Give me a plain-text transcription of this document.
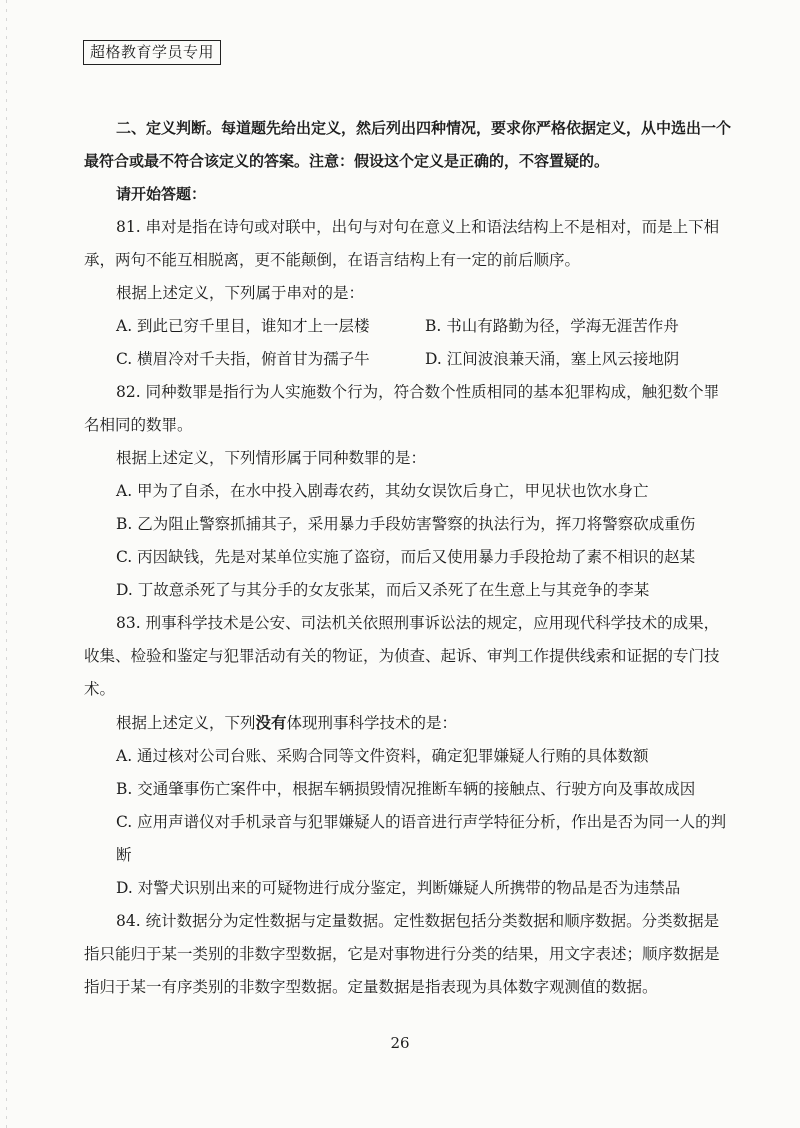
超格教育学员专用

二、定义判断。每道题先给出定义，然后列出四种情况，要求你严格依据定义，从中选出一个最符合或最不符合该定义的答案。注意：假设这个定义是正确的，不容置疑的。

请开始答题：

81. 串对是指在诗句或对联中，出句与对句在意义上和语法结构上不是相对，而是上下相承，两句不能互相脱离，更不能颠倒，在语言结构上有一定的前后顺序。

根据上述定义，下列属于串对的是：

A. 到此已穷千里目，谁知才上一层楼	B. 书山有路勤为径，学海无涯苦作舟
C. 横眉冷对千夫指，俯首甘为孺子牛	D. 江间波浪兼天涌，塞上风云接地阴

82. 同种数罪是指行为人实施数个行为，符合数个性质相同的基本犯罪构成，触犯数个罪名相同的数罪。

根据上述定义，下列情形属于同种数罪的是：

A. 甲为了自杀，在水中投入剧毒农药，其幼女误饮后身亡，甲见状也饮水身亡

B. 乙为阻止警察抓捕其子，采用暴力手段妨害警察的执法行为，挥刀将警察砍成重伤

C. 丙因缺钱，先是对某单位实施了盗窃，而后又使用暴力手段抢劫了素不相识的赵某

D. 丁故意杀死了与其分手的女友张某，而后又杀死了在生意上与其竞争的李某

83. 刑事科学技术是公安、司法机关依照刑事诉讼法的规定，应用现代科学技术的成果，收集、检验和鉴定与犯罪活动有关的物证，为侦查、起诉、审判工作提供线索和证据的专门技术。

根据上述定义，下列没有体现刑事科学技术的是：

A. 通过核对公司台账、采购合同等文件资料，确定犯罪嫌疑人行贿的具体数额

B. 交通肇事伤亡案件中，根据车辆损毁情况推断车辆的接触点、行驶方向及事故成因

C. 应用声谱仪对手机录音与犯罪嫌疑人的语音进行声学特征分析，作出是否为同一人的判断

D. 对警犬识别出来的可疑物进行成分鉴定，判断嫌疑人所携带的物品是否为违禁品

84. 统计数据分为定性数据与定量数据。定性数据包括分类数据和顺序数据。分类数据是指只能归于某一类别的非数字型数据，它是对事物进行分类的结果，用文字表述；顺序数据是指归于某一有序类别的非数字型数据。定量数据是指表现为具体数字观测值的数据。

26
